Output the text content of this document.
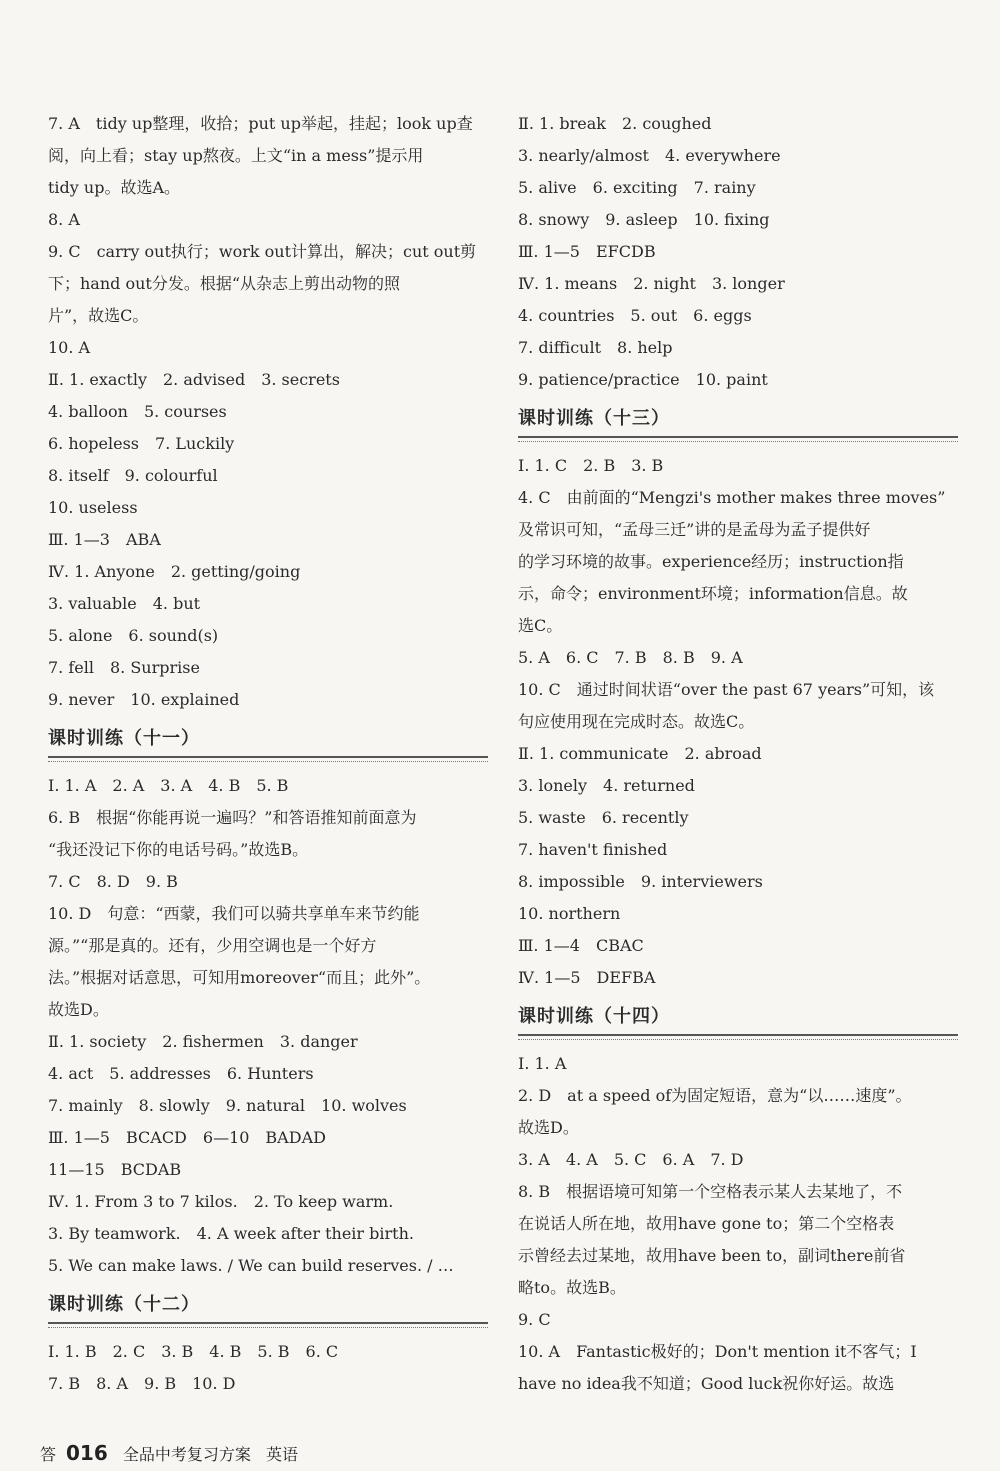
7. A　tidy up整理，收拾；put up举起，挂起；look up查
阅，向上看；stay up熬夜。上文“in a mess”提示用
tidy up。故选A。
8. A
9. C　carry out执行；work out计算出，解决；cut out剪
下；hand out分发。根据“从杂志上剪出动物的照
片”，故选C。
10. A
Ⅱ. 1. exactly　2. advised　3. secrets
4. balloon　5. courses
6. hopeless　7. Luckily
8. itself　9. colourful
10. useless
Ⅲ. 1—3　ABA
Ⅳ. 1. Anyone　2. getting/going
3. valuable　4. but
5. alone　6. sound(s)
7. fell　8. Surprise
9. never　10. explained
课时训练（十一）
Ⅰ. 1. A　2. A　3. A　4. B　5. B
6. B　根据“你能再说一遍吗？”和答语推知前面意为
“我还没记下你的电话号码。”故选B。
7. C　8. D　9. B
10. D　句意：“西蒙，我们可以骑共享单车来节约能
源。”“那是真的。还有，少用空调也是一个好方
法。”根据对话意思，可知用moreover“而且；此外”。
故选D。
Ⅱ. 1. society　2. fishermen　3. danger
4. act　5. addresses　6. Hunters
7. mainly　8. slowly　9. natural　10. wolves
Ⅲ. 1—5　BCACD　6—10　BADAD
11—15　BCDAB
Ⅳ. 1. From 3 to 7 kilos.　2. To keep warm.
3. By teamwork.　4. A week after their birth.
5. We can make laws. / We can build reserves. / …
课时训练（十二）
Ⅰ. 1. B　2. C　3. B　4. B　5. B　6. C
7. B　8. A　9. B　10. D
Ⅱ. 1. break　2. coughed
3. nearly/almost　4. everywhere
5. alive　6. exciting　7. rainy
8. snowy　9. asleep　10. fixing
Ⅲ. 1—5　EFCDB
Ⅳ. 1. means　2. night　3. longer
4. countries　5. out　6. eggs
7. difficult　8. help
9. patience/practice　10. paint
课时训练（十三）
Ⅰ. 1. C　2. B　3. B
4. C　由前面的“Mengzi's mother makes three moves”
及常识可知，“孟母三迁”讲的是孟母为孟子提供好
的学习环境的故事。experience经历；instruction指
示，命令；environment环境；information信息。故
选C。
5. A　6. C　7. B　8. B　9. A
10. C　通过时间状语“over the past 67 years”可知，该
句应使用现在完成时态。故选C。
Ⅱ. 1. communicate　2. abroad
3. lonely　4. returned
5. waste　6. recently
7. haven't finished
8. impossible　9. interviewers
10. northern
Ⅲ. 1—4　CBAC
Ⅳ. 1—5　DEFBA
课时训练（十四）
Ⅰ. 1. A
2. D　at a speed of为固定短语，意为“以……速度”。
故选D。
3. A　4. A　5. C　6. A　7. D
8. B　根据语境可知第一个空格表示某人去某地了，不
在说话人所在地，故用have gone to；第二个空格表
示曾经去过某地，故用have been to，副词there前省
略to。故选B。
9. C
10. A　Fantastic极好的；Don't mention it不客气；I
have no idea我不知道；Good luck祝你好运。故选
答 016 全品中考复习方案 英语
